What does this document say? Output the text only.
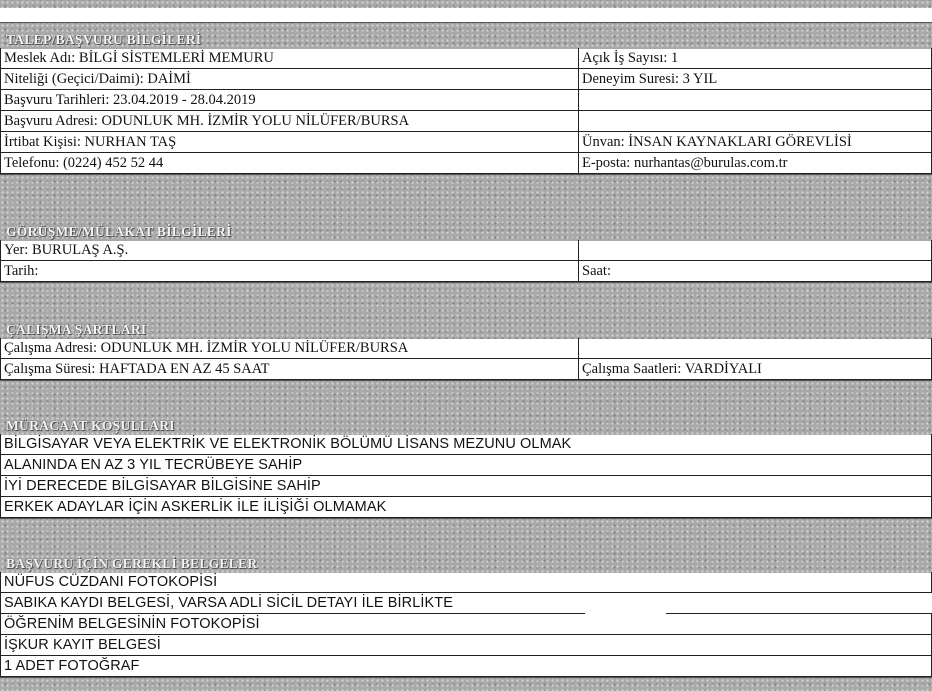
TALEP/BAŞVURU BİLGİLERİ
Meslek Adı: BİLGİ SİSTEMLERİ MEMURU	Açık İş Sayısı: 1
Niteliği (Geçici/Daimi): DAİMİ	Deneyim Suresi: 3 YIL
Başvuru Tarihleri: 23.04.2019 - 28.04.2019
Başvuru Adresi: ODUNLUK MH. İZMİR YOLU NİLÜFER/BURSA
İrtibat Kişisi: NURHAN TAŞ	Ünvan: İNSAN KAYNAKLARI GÖREVLİSİ
Telefonu: (0224) 452 52 44	E-posta: nurhantas@burulas.com.tr
GÖRÜŞME/MÜLAKAT BİLGİLERİ
Yer: BURULAŞ A.Ş.
Tarih:	Saat:
ÇALIŞMA ŞARTLARI
Çalışma Adresi: ODUNLUK MH. İZMİR YOLU NİLÜFER/BURSA
Çalışma Süresi: HAFTADA EN AZ 45 SAAT	Çalışma Saatleri: VARDİYALI
MÜRACAAT KOŞULLARI
BİLGİSAYAR VEYA ELEKTRİK VE ELEKTRONİK BÖLÜMÜ LİSANS MEZUNU OLMAK
ALANINDA EN AZ 3 YIL TECRÜBEYE SAHİP
İYİ DERECEDE BİLGİSAYAR BİLGİSİNE SAHİP
ERKEK ADAYLAR İÇİN ASKERLİK İLE İLİŞİĞİ OLMAMAK
BAŞVURU İÇİN GEREKLİ BELGELER
NÜFUS CÜZDANI FOTOKOPİSİ
SABIKA KAYDI BELGESİ, VARSA ADLİ SİCİL DETAYI İLE BİRLİKTE
ÖĞRENİM BELGESİNİN FOTOKOPİSİ
İŞKUR KAYIT BELGESİ
1 ADET FOTOĞRAF
